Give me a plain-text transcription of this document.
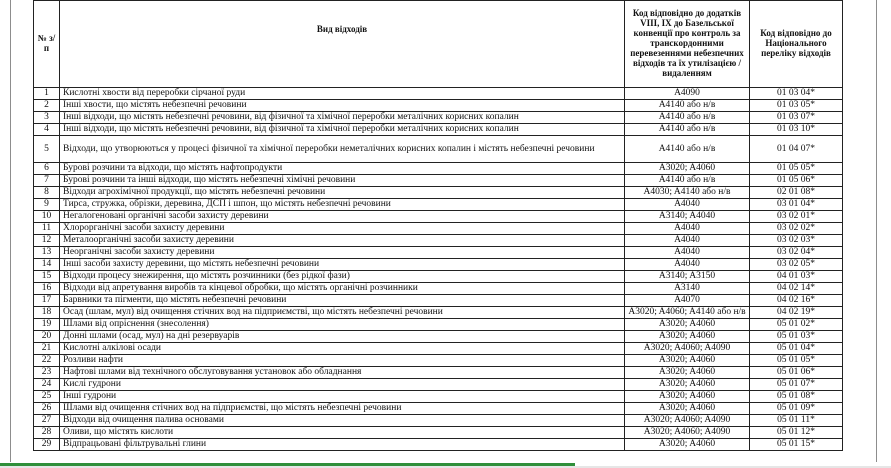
№ з/п	Вид відходів	Код відповідно до додатків VIII, IX до Базельської конвенції про контроль за транскордонними перевезеннями небезпечних відходів та їх утилізацією / видаленням	Код відповідно до Національного переліку відходів
1	Кислотні хвости від переробки сірчаної руди	A4090	01 03 04*
2	Інші хвости, що містять небезпечні речовини	A4140 або н/в	01 03 05*
3	Інші відходи, що містять небезпечні речовини, від фізичної та хімічної переробки металічних корисних копалин	A4140 або н/в	01 03 07*
4	Інші відходи, що містять небезпечні речовини, від фізичної та хімічної переробки металічних корисних копалин	A4140 або н/в	01 03 10*
5	Відходи, що утворюються у процесі фізичної та хімічної переробки неметалічних корисних копалин і містять небезпечні речовини	A4140 або н/в	01 04 07*
6	Бурові розчини та відходи, що містять нафтопродукти	A3020; A4060	01 05 05*
7	Бурові розчини та інші відходи, що містять небезпечні хімічні речовини	A4140 або н/в	01 05 06*
8	Відходи агрохімічної продукції, що містять небезпечні речовини	A4030; A4140 або н/в	02 01 08*
9	Тирса, стружка, обрізки, деревина, ДСП і шпон, що містять небезпечні речовини	A4040	03 01 04*
10	Негалогеновані органічні засоби захисту деревини	A3140; A4040	03 02 01*
11	Хлорорганічні засоби захисту деревини	A4040	03 02 02*
12	Металоорганічні засоби захисту деревини	A4040	03 02 03*
13	Неорганічні засоби захисту деревини	A4040	03 02 04*
14	Інші засоби захисту деревини, що містять небезпечні речовини	A4040	03 02 05*
15	Відходи процесу знежирення, що містять розчинники (без рідкої фази)	A3140; A3150	04 01 03*
16	Відходи від апретування виробів та кінцевої обробки, що містять органічні розчинники	A3140	04 02 14*
17	Барвники та пігменти, що містять небезпечні речовини	A4070	04 02 16*
18	Осад (шлам, мул) від очищення стічних вод на підприємстві, що містять небезпечні речовини	A3020; A4060; A4140 або н/в	04 02 19*
19	Шлами від опріснення (знесолення)	A3020; A4060	05 01 02*
20	Донні шлами (осад, мул) на дні резервуарів	A3020; A4060	05 01 03*
21	Кислотні алкілові осади	A3020; A4060; A4090	05 01 04*
22	Розливи нафти	A3020; A4060	05 01 05*
23	Нафтові шлами від технічного обслуговування установок або обладнання	A3020; A4060	05 01 06*
24	Кислі гудрони	A3020; A4060	05 01 07*
25	Інші гудрони	A3020; A4060	05 01 08*
26	Шлами від очищення стічних вод на підприємстві, що містять небезпечні речовини	A3020; A4060	05 01 09*
27	Відходи від очищення палива основами	A3020; A4060; A4090	05 01 11*
28	Оливи, що містять кислоти	A3020; A4060; A4090	05 01 12*
29	Відпрацьовані фільтрувальні глини	A3020; A4060	05 01 15*
